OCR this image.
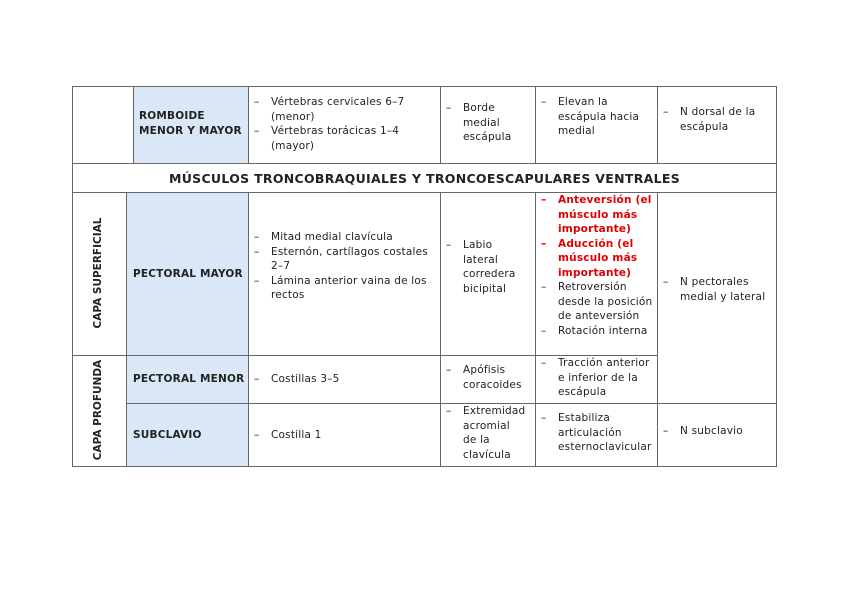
ROMBOIDE MENOR Y MAYOR
– Vértebras cervicales 6–7 (menor)
– Vértebras torácicas 1–4 (mayor)
– Borde medial escápula
– Elevan la escápula hacia medial
– N dorsal de la escápula
MÚSCULOS TRONCOBRAQUIALES Y TRONCOESCAPULARES VENTRALES
CAPA SUPERFICIAL
CAPA PROFUNDA
PECTORAL MAYOR
– Mitad medial clavícula
– Esternón, cartílagos costales 2–7
– Lámina anterior vaina de los rectos
– Labio lateral corredera bicipital
– Anteversión (el músculo más importante)
– Aducción (el músculo más importante)
– Retroversión desde la posición de anteversión
– Rotación interna
– N pectorales medial y lateral
PECTORAL MENOR	– Costillas 3–5
– Apófisis coracoides
– Tracción anterior e inferior de la escápula
SUBCLAVIO	– Costilla 1
– Extremidad acromial de la clavícula
– Estabiliza articulación esternoclavicular
– N subclavio
